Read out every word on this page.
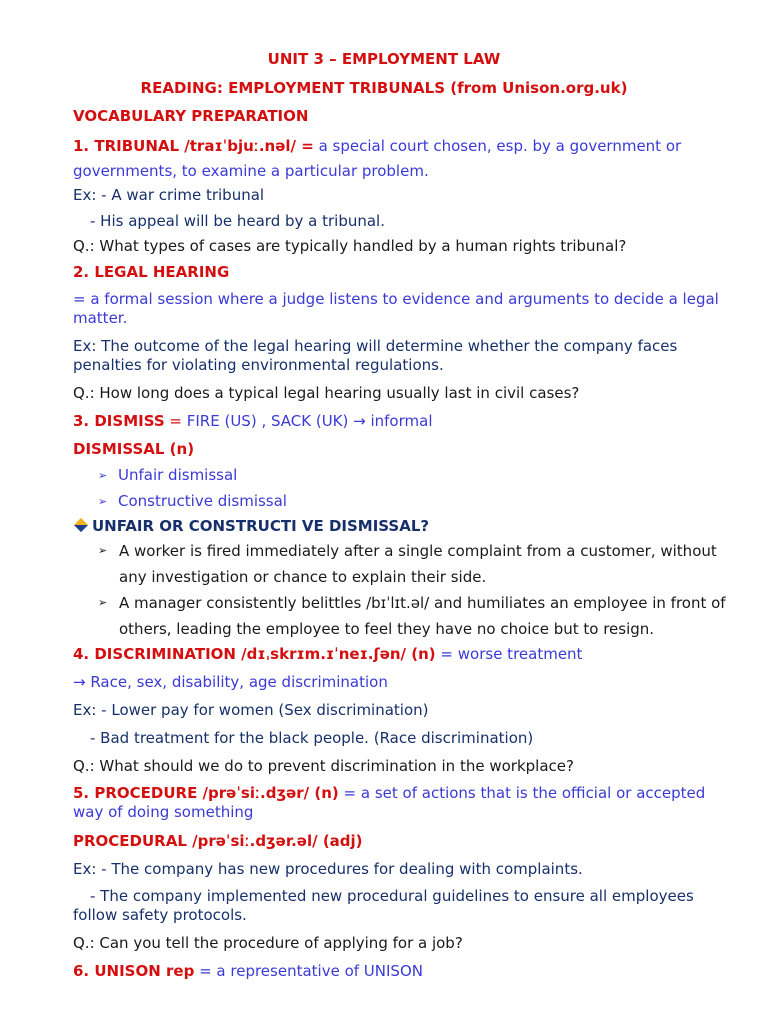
UNIT 3 – EMPLOYMENT LAW
READING: EMPLOYMENT TRIBUNALS (from Unison.org.uk)
VOCABULARY PREPARATION
1. TRIBUNAL /traɪˈbjuː.nəl/ = a special court chosen, esp. by a government or governments, to examine a particular problem.
Ex: - A war crime tribunal
- His appeal will be heard by a tribunal.
Q.: What types of cases are typically handled by a human rights tribunal?
2. LEGAL HEARING
= a formal session where a judge listens to evidence and arguments to decide a legal matter.
Ex: The outcome of the legal hearing will determine whether the company faces penalties for violating environmental regulations.
Q.: How long does a typical legal hearing usually last in civil cases?
3. DISMISS = FIRE (US) , SACK (UK) → informal
DISMISSAL (n)
➢ Unfair dismissal
➢ Constructive dismissal
UNFAIR OR CONSTRUCTI VE DISMISSAL?
➢ A worker is fired immediately after a single complaint from a customer, without any investigation or chance to explain their side.
➢ A manager consistently belittles /bɪˈlɪt.əl/ and humiliates an employee in front of others, leading the employee to feel they have no choice but to resign.
4. DISCRIMINATION /dɪˌskrɪm.ɪˈneɪ.ʃən/ (n) = worse treatment
→ Race, sex, disability, age discrimination
Ex: - Lower pay for women (Sex discrimination)
- Bad treatment for the black people. (Race discrimination)
Q.: What should we do to prevent discrimination in the workplace?
5. PROCEDURE /prəˈsiː.dʒər/ (n) = a set of actions that is the official or accepted way of doing something
PROCEDURAL /prəˈsiː.dʒər.əl/ (adj)
Ex: - The company has new procedures for dealing with complaints.
- The company implemented new procedural guidelines to ensure all employees follow safety protocols.
Q.: Can you tell the procedure of applying for a job?
6. UNISON rep = a representative of UNISON
